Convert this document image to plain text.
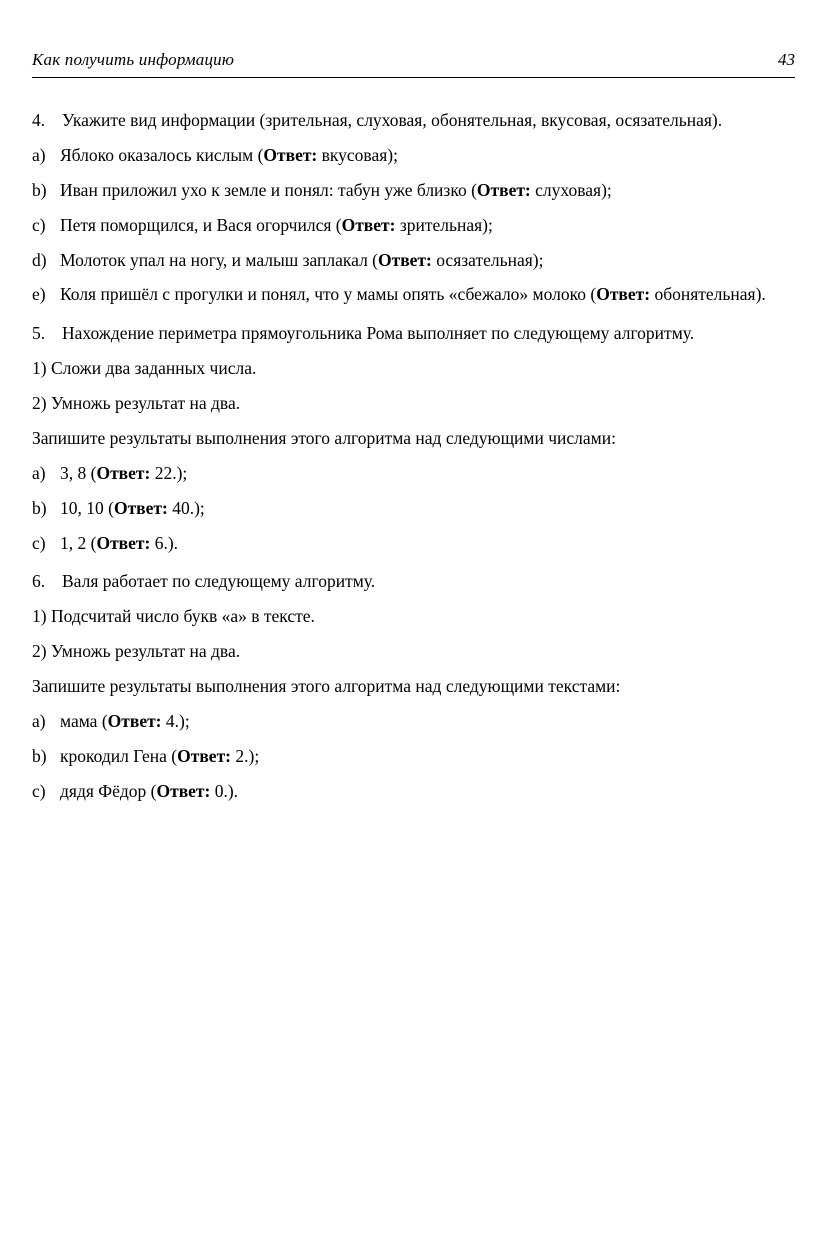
Как получить информацию	43

4. Укажите вид информации (зрительная, слуховая, обонятельная, вкусовая, осязательная).

a) Яблоко оказалось кислым (Ответ: вкусовая);

b) Иван приложил ухо к земле и понял: табун уже близко (Ответ: слуховая);

c) Петя поморщился, и Вася огорчился (Ответ: зрительная);

d) Молоток упал на ногу, и малыш заплакал (Ответ: осязательная);

e) Коля пришёл с прогулки и понял, что у мамы опять «сбежало» молоко (Ответ: обонятельная).

5. Нахождение периметра прямоугольника Рома выполняет по следующему алгоритму.

1) Сложи два заданных числа.

2) Умножь результат на два.

Запишите результаты выполнения этого алгоритма над следующими числами:

a) 3, 8 (Ответ: 22.);

b) 10, 10 (Ответ: 40.);

c) 1, 2 (Ответ: 6.).

6. Валя работает по следующему алгоритму.

1) Подсчитай число букв «а» в тексте.

2) Умножь результат на два.

Запишите результаты выполнения этого алгоритма над следующими текстами:

a) мама (Ответ: 4.);

b) крокодил Гена (Ответ: 2.);

c) дядя Фёдор (Ответ: 0.).
